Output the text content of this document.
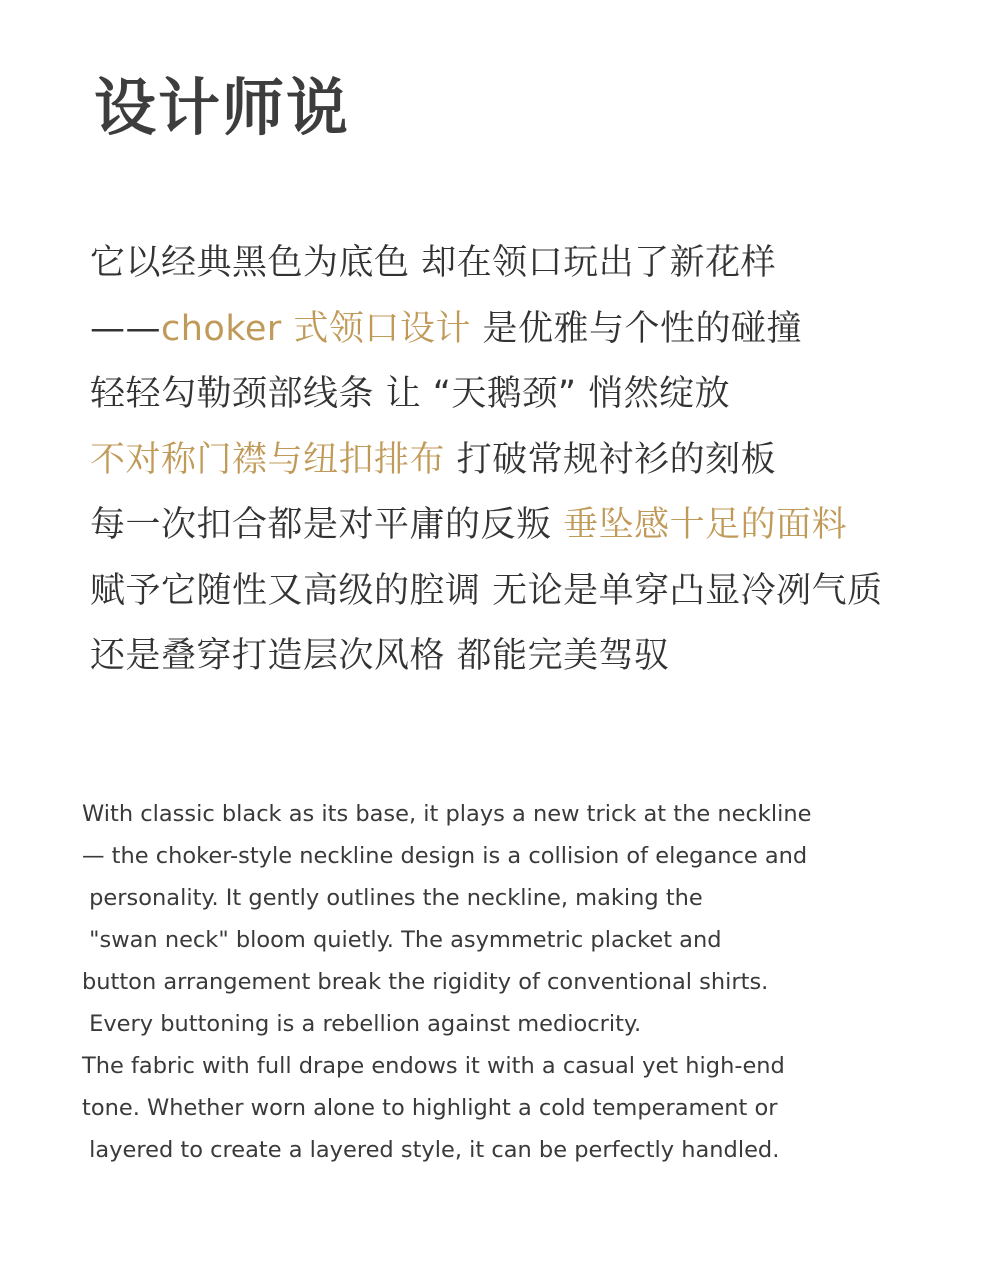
设计师说
它以经典黑色为底色 却在领口玩出了新花样
——choker 式领口设计 是优雅与个性的碰撞
轻轻勾勒颈部线条 让 “天鹅颈” 悄然绽放
不对称门襟与纽扣排布 打破常规衬衫的刻板
每一次扣合都是对平庸的反叛 垂坠感十足的面料
赋予它随性又高级的腔调 无论是单穿凸显冷冽气质
还是叠穿打造层次风格 都能完美驾驭
With classic black as its base, it plays a new trick at the neckline
— the choker-style neckline design is a collision of elegance and
personality. It gently outlines the neckline, making the
"swan neck" bloom quietly. The asymmetric placket and
button arrangement break the rigidity of conventional shirts.
Every buttoning is a rebellion against mediocrity.
The fabric with full drape endows it with a casual yet high-end
tone. Whether worn alone to highlight a cold temperament or
layered to create a layered style, it can be perfectly handled.
